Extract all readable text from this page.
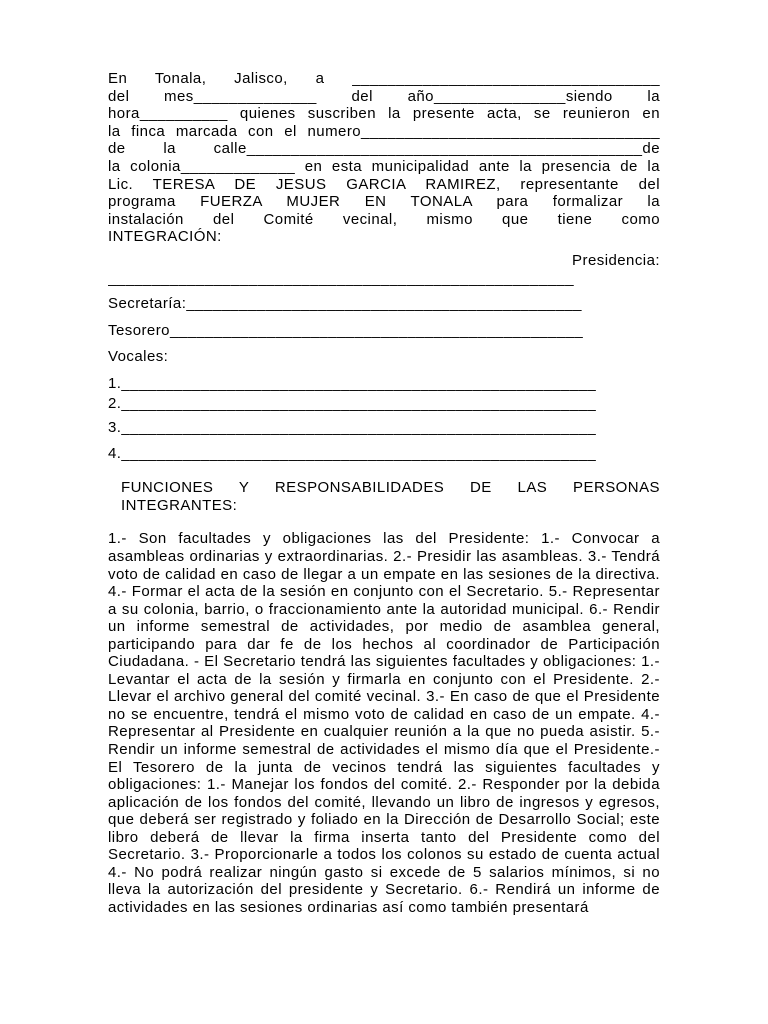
En Tonala, Jalisco, a ___________________________________
del mes______________ del año_______________siendo la
hora__________ quienes suscriben la presente acta, se reunieron en
la finca marcada con el numero__________________________________
de la calle_____________________________________________de
la colonia_____________ en esta municipalidad ante la presencia de la
Lic. TERESA DE JESUS GARCIA RAMIREZ, representante del
programa FUERZA MUJER EN TONALA para formalizar la
instalación del Comité vecinal, mismo que tiene como
INTEGRACIÓN:
Presidencia:
_____________________________________________________
Secretaría:_____________________________________________
Tesorero_______________________________________________
Vocales:
1.______________________________________________________
2.______________________________________________________
3.______________________________________________________
4.______________________________________________________
FUNCIONES Y RESPONSABILIDADES DE LAS PERSONAS
INTEGRANTES:
1.- Son facultades y obligaciones las del Presidente: 1.- Convocar a asambleas ordinarias y extraordinarias. 2.- Presidir las asambleas. 3.- Tendrá voto de calidad en caso de llegar a un empate en las sesiones de la directiva. 4.- Formar el acta de la sesión en conjunto con el Secretario. 5.- Representar a su colonia, barrio, o fraccionamiento ante la autoridad municipal. 6.- Rendir un informe semestral de actividades, por medio de asamblea general, participando para dar fe de los hechos al coordinador de Participación Ciudadana. - El Secretario tendrá las siguientes facultades y obligaciones: 1.- Levantar el acta de la sesión y firmarla en conjunto con el Presidente. 2.- Llevar el archivo general del comité vecinal. 3.- En caso de que el Presidente no se encuentre, tendrá el mismo voto de calidad en caso de un empate. 4.- Representar al Presidente en cualquier reunión a la que no pueda asistir. 5.- Rendir un informe semestral de actividades el mismo día que el Presidente.- El Tesorero de la junta de vecinos tendrá las siguientes facultades y obligaciones: 1.- Manejar los fondos del comité. 2.- Responder por la debida aplicación de los fondos del comité, llevando un libro de ingresos y egresos, que deberá ser registrado y foliado en la Dirección de Desarrollo Social; este libro deberá de llevar la firma inserta tanto del Presidente como del Secretario. 3.- Proporcionarle a todos los colonos su estado de cuenta actual 4.- No podrá realizar ningún gasto si excede de 5 salarios mínimos, si no lleva la autorización del presidente y Secretario. 6.- Rendirá un informe de actividades en las sesiones ordinarias así como también presentará
